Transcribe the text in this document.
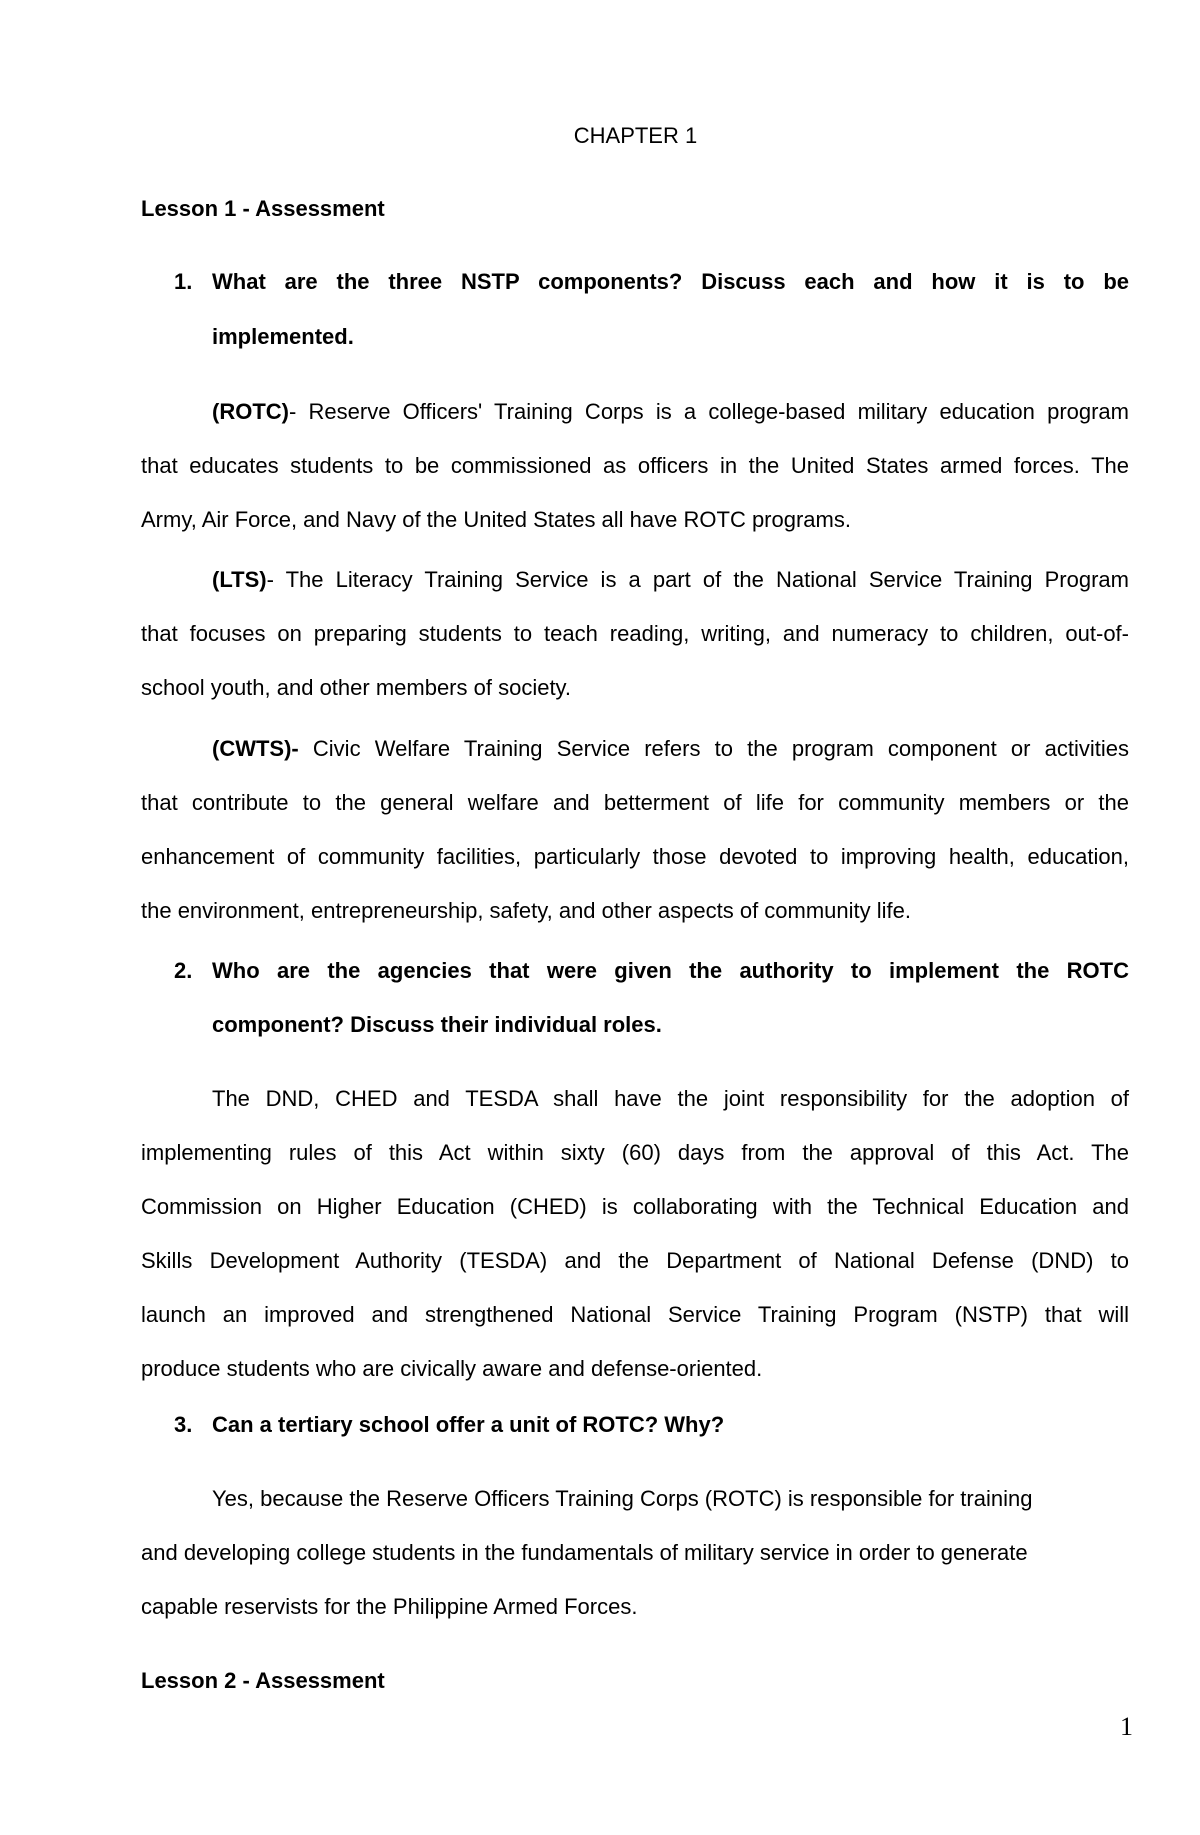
CHAPTER 1
Lesson 1 - Assessment
1. What are the three NSTP components? Discuss each and how it is to be
implemented.
(ROTC)- Reserve Officers' Training Corps is a college-based military education program
that educates students to be commissioned as officers in the United States armed forces. The
Army, Air Force, and Navy of the United States all have ROTC programs.
(LTS)- The Literacy Training Service is a part of the National Service Training Program
that focuses on preparing students to teach reading, writing, and numeracy to children, out-of-
school youth, and other members of society.
(CWTS)- Civic Welfare Training Service refers to the program component or activities
that contribute to the general welfare and betterment of life for community members or the
enhancement of community facilities, particularly those devoted to improving health, education,
the environment, entrepreneurship, safety, and other aspects of community life.
2. Who are the agencies that were given the authority to implement the ROTC
component? Discuss their individual roles.
The DND, CHED and TESDA shall have the joint responsibility for the adoption of
implementing rules of this Act within sixty (60) days from the approval of this Act. The
Commission on Higher Education (CHED) is collaborating with the Technical Education and
Skills Development Authority (TESDA) and the Department of National Defense (DND) to
launch an improved and strengthened National Service Training Program (NSTP) that will
produce students who are civically aware and defense-oriented.
3. Can a tertiary school offer a unit of ROTC? Why?
Yes, because the Reserve Officers Training Corps (ROTC) is responsible for training
and developing college students in the fundamentals of military service in order to generate
capable reservists for the Philippine Armed Forces.
Lesson 2 - Assessment
1
